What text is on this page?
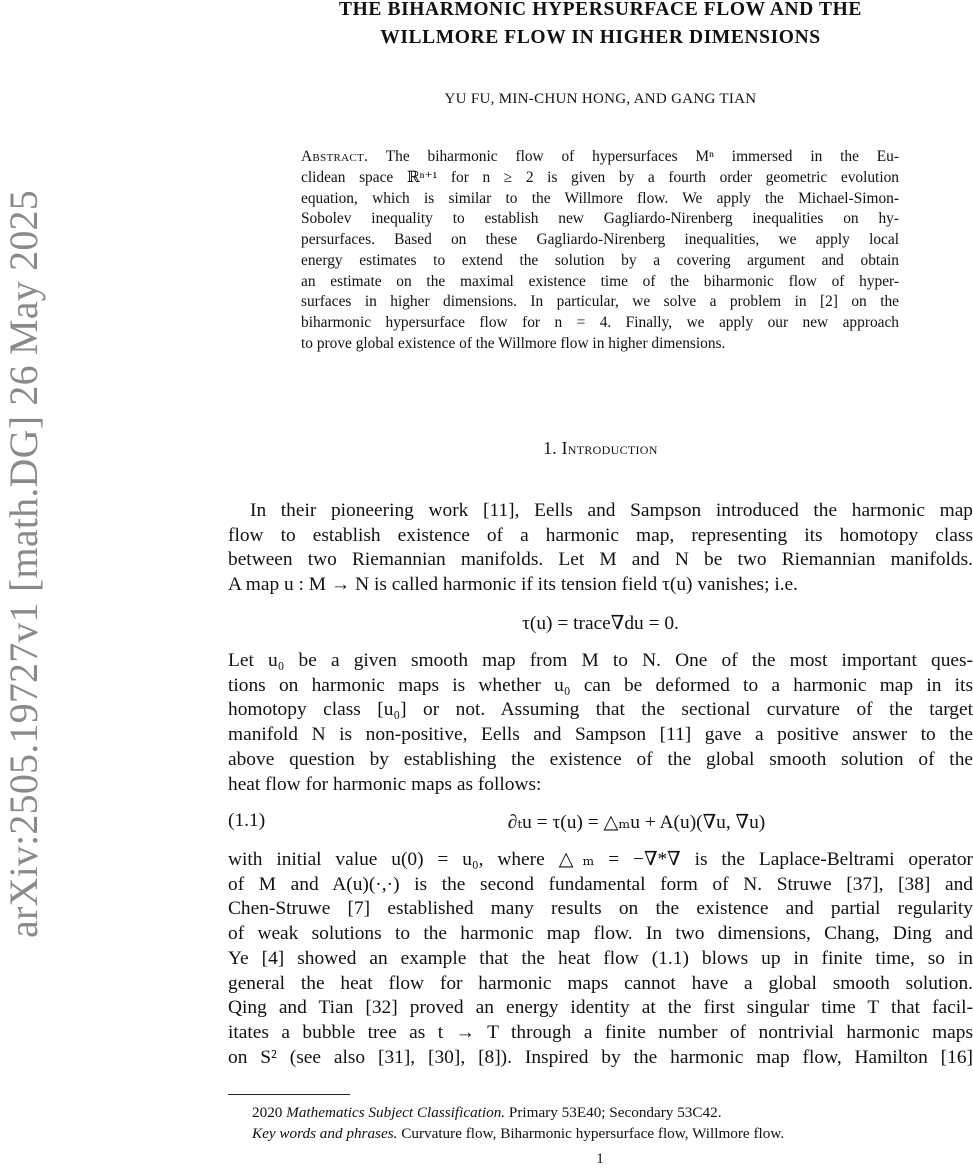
arXiv:2505.19727v1 [math.DG] 26 May 2025
THE BIHARMONIC HYPERSURFACE FLOW AND THE
WILLMORE FLOW IN HIGHER DIMENSIONS
YU FU, MIN-CHUN HONG, AND GANG TIAN
Abstract. The biharmonic flow of hypersurfaces Mⁿ immersed in the Eu-
clidean space ℝⁿ⁺¹ for n ≥ 2 is given by a fourth order geometric evolution
equation, which is similar to the Willmore flow. We apply the Michael-Simon-
Sobolev inequality to establish new Gagliardo-Nirenberg inequalities on hy-
persurfaces. Based on these Gagliardo-Nirenberg inequalities, we apply local
energy estimates to extend the solution by a covering argument and obtain
an estimate on the maximal existence time of the biharmonic flow of hyper-
surfaces in higher dimensions. In particular, we solve a problem in [2] on the
biharmonic hypersurface flow for n = 4. Finally, we apply our new approach
to prove global existence of the Willmore flow in higher dimensions.
1. Introduction
In their pioneering work [11], Eells and Sampson introduced the harmonic map
flow to establish existence of a harmonic map, representing its homotopy class
between two Riemannian manifolds. Let M and N be two Riemannian manifolds.
A map u : M → N is called harmonic if its tension field τ(u) vanishes; i.e.
τ(u) = trace∇du = 0.
Let u₀ be a given smooth map from M to N. One of the most important ques-
tions on harmonic maps is whether u₀ can be deformed to a harmonic map in its
homotopy class [u₀] or not. Assuming that the sectional curvature of the target
manifold N is non-positive, Eells and Sampson [11] gave a positive answer to the
above question by establishing the existence of the global smooth solution of the
heat flow for harmonic maps as follows:
(1.1)	∂ₜu = τ(u) = △ₘu + A(u)(∇u, ∇u)
with initial value u(0) = u₀, where △ₘ = −∇*∇ is the Laplace-Beltrami operator
of M and A(u)(·,·) is the second fundamental form of N. Struwe [37], [38] and
Chen-Struwe [7] established many results on the existence and partial regularity
of weak solutions to the harmonic map flow. In two dimensions, Chang, Ding and
Ye [4] showed an example that the heat flow (1.1) blows up in finite time, so in
general the heat flow for harmonic maps cannot have a global smooth solution.
Qing and Tian [32] proved an energy identity at the first singular time T that facil-
itates a bubble tree as t → T through a finite number of nontrivial harmonic maps
on S² (see also [31], [30], [8]). Inspired by the harmonic map flow, Hamilton [16]
2020 Mathematics Subject Classification. Primary 53E40; Secondary 53C42.
Key words and phrases. Curvature flow, Biharmonic hypersurface flow, Willmore flow.
1
